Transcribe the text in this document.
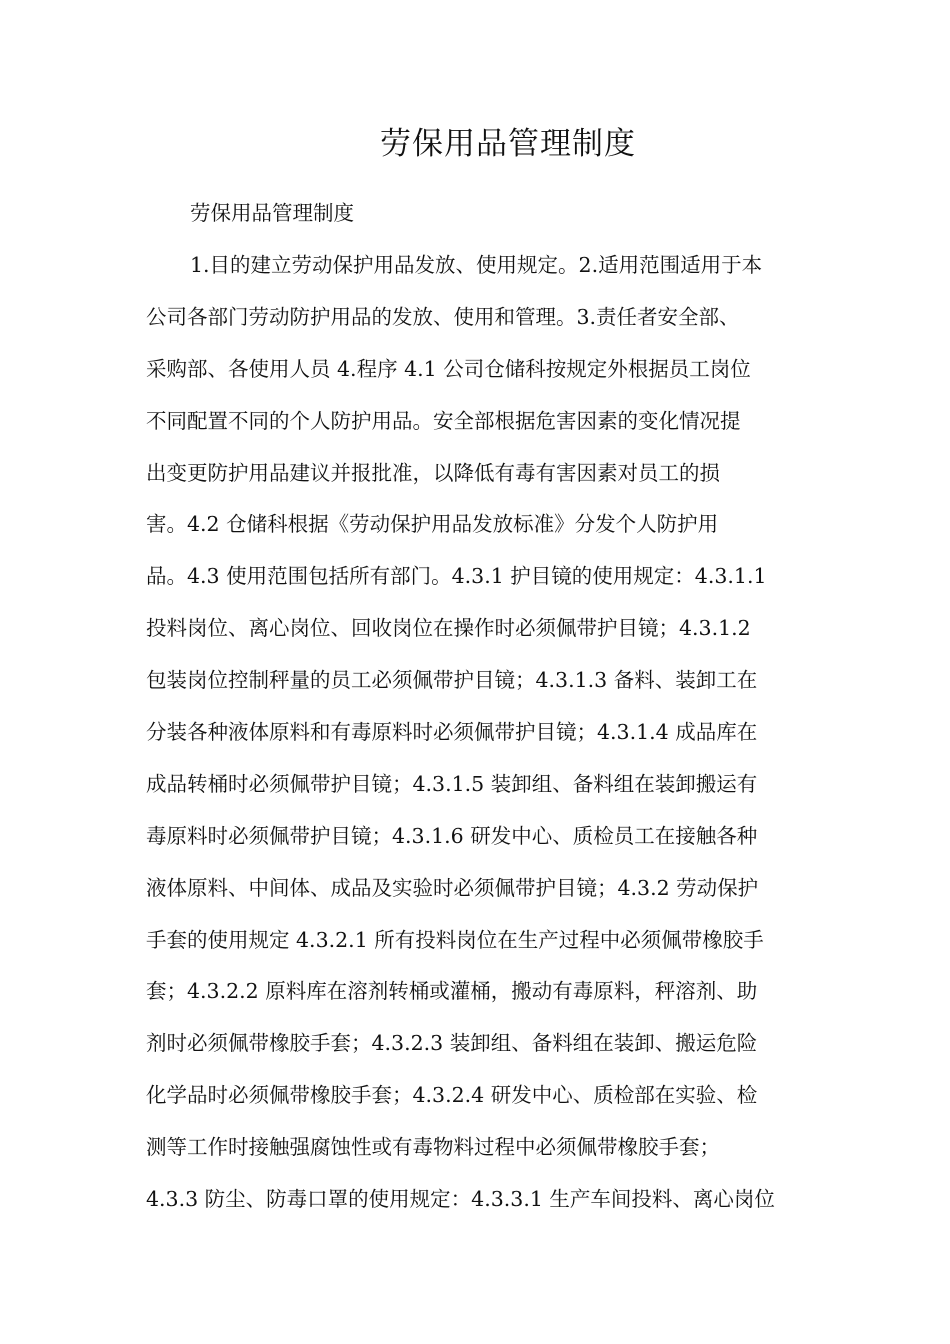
劳保用品管理制度

劳保用品管理制度

1.目的建立劳动保护用品发放、使用规定。2.适用范围适用于本
公司各部门劳动防护用品的发放、使用和管理。3.责任者安全部、
采购部、各使用人员 4.程序 4.1 公司仓储科按规定外根据员工岗位
不同配置不同的个人防护用品。安全部根据危害因素的变化情况提
出变更防护用品建议并报批准，以降低有毒有害因素对员工的损
害。4.2 仓储科根据《劳动保护用品发放标准》分发个人防护用
品。4.3 使用范围包括所有部门。4.3.1 护目镜的使用规定：4.3.1.1
投料岗位、离心岗位、回收岗位在操作时必须佩带护目镜；4.3.1.2
包装岗位控制秤量的员工必须佩带护目镜；4.3.1.3 备料、装卸工在
分装各种液体原料和有毒原料时必须佩带护目镜；4.3.1.4 成品库在
成品转桶时必须佩带护目镜；4.3.1.5 装卸组、备料组在装卸搬运有
毒原料时必须佩带护目镜；4.3.1.6 研发中心、质检员工在接触各种
液体原料、中间体、成品及实验时必须佩带护目镜；4.3.2 劳动保护
手套的使用规定 4.3.2.1 所有投料岗位在生产过程中必须佩带橡胶手
套；4.3.2.2 原料库在溶剂转桶或灌桶，搬动有毒原料，秤溶剂、助
剂时必须佩带橡胶手套；4.3.2.3 装卸组、备料组在装卸、搬运危险
化学品时必须佩带橡胶手套；4.3.2.4 研发中心、质检部在实验、检
测等工作时接触强腐蚀性或有毒物料过程中必须佩带橡胶手套；
4.3.3 防尘、防毒口罩的使用规定：4.3.3.1 生产车间投料、离心岗位
